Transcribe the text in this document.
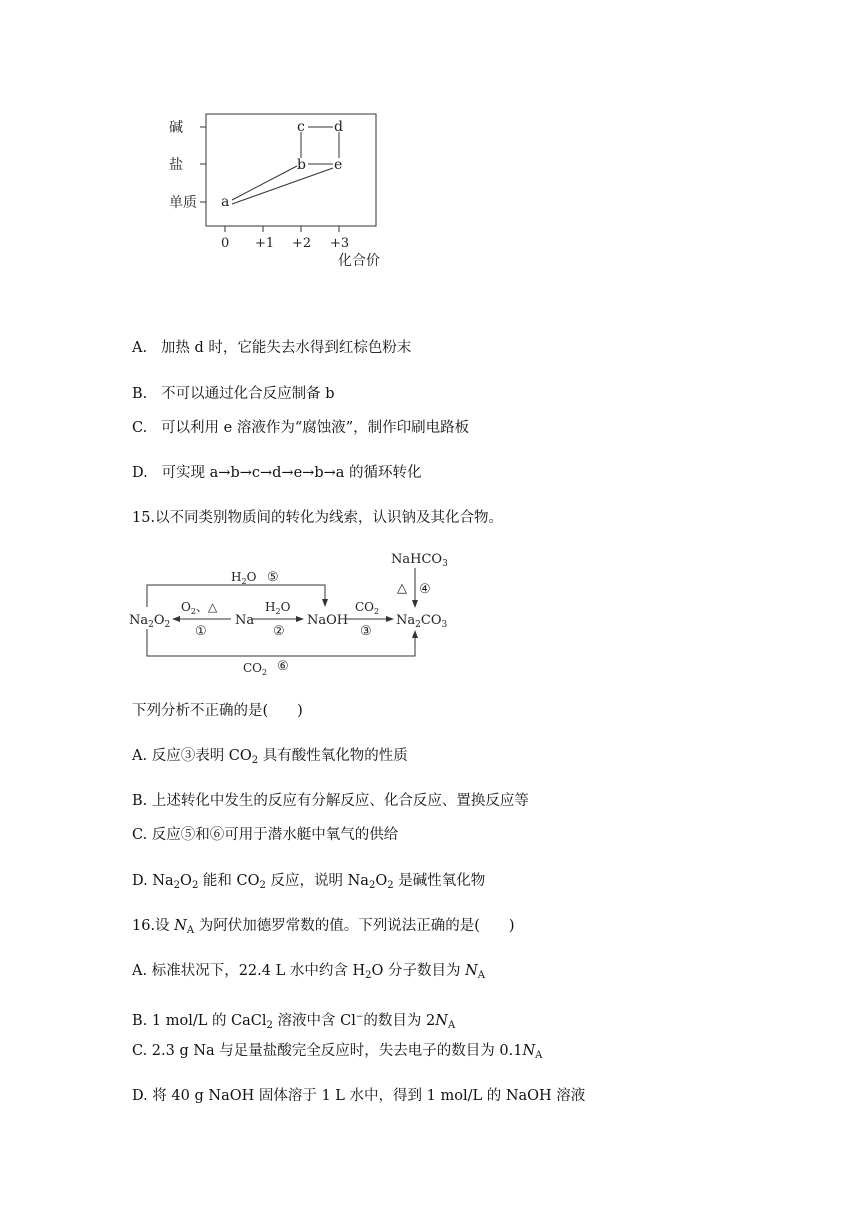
碱
盐
单质
0 +1 +2 +3
化合价
a
b
c d
e
A. 加热 d 时，它能失去水得到红棕色粉末
B. 不可以通过化合反应制备 b
C. 可以利用 e 溶液作为“腐蚀液”，制作印刷电路板
D. 可实现 a→b→c→d→e→b→a 的循环转化
15.以不同类别物质间的转化为线索，认识钠及其化合物。
$Na_2O_2$	Na	NaOH	$Na_2CO_3$
NaHCO$_3$
$O_2$、△
①
$H_2O$
②
$CO_2$
③
△ ④
$H_2O$ ⑤
$CO_2$ ⑥
下列分析不正确的是(　　)
A. 反应③表明 $CO_2$ 具有酸性氧化物的性质
B. 上述转化中发生的反应有分解反应、化合反应、置换反应等
C. 反应⑤和⑥可用于潜水艇中氧气的供给
D. $Na_2O_2$ 能和 $CO_2$ 反应，说明 $Na_2O_2$ 是碱性氧化物
16.设 $N_A$ 为阿伏加德罗常数的值。下列说法正确的是(　　)
A. 标准状况下，22.4 L 水中约含 $H_2O$ 分子数目为 $N_A$
B. 1 mol/L 的 CaCl$_2$ 溶液中含 Cl−的数目为 $2N_A$
C. 2.3 g Na 与足量盐酸完全反应时，失去电子的数目为 $0.1N_A$
D. 将 40 g NaOH 固体溶于 1 L 水中，得到 1 mol/L 的 NaOH 溶液
